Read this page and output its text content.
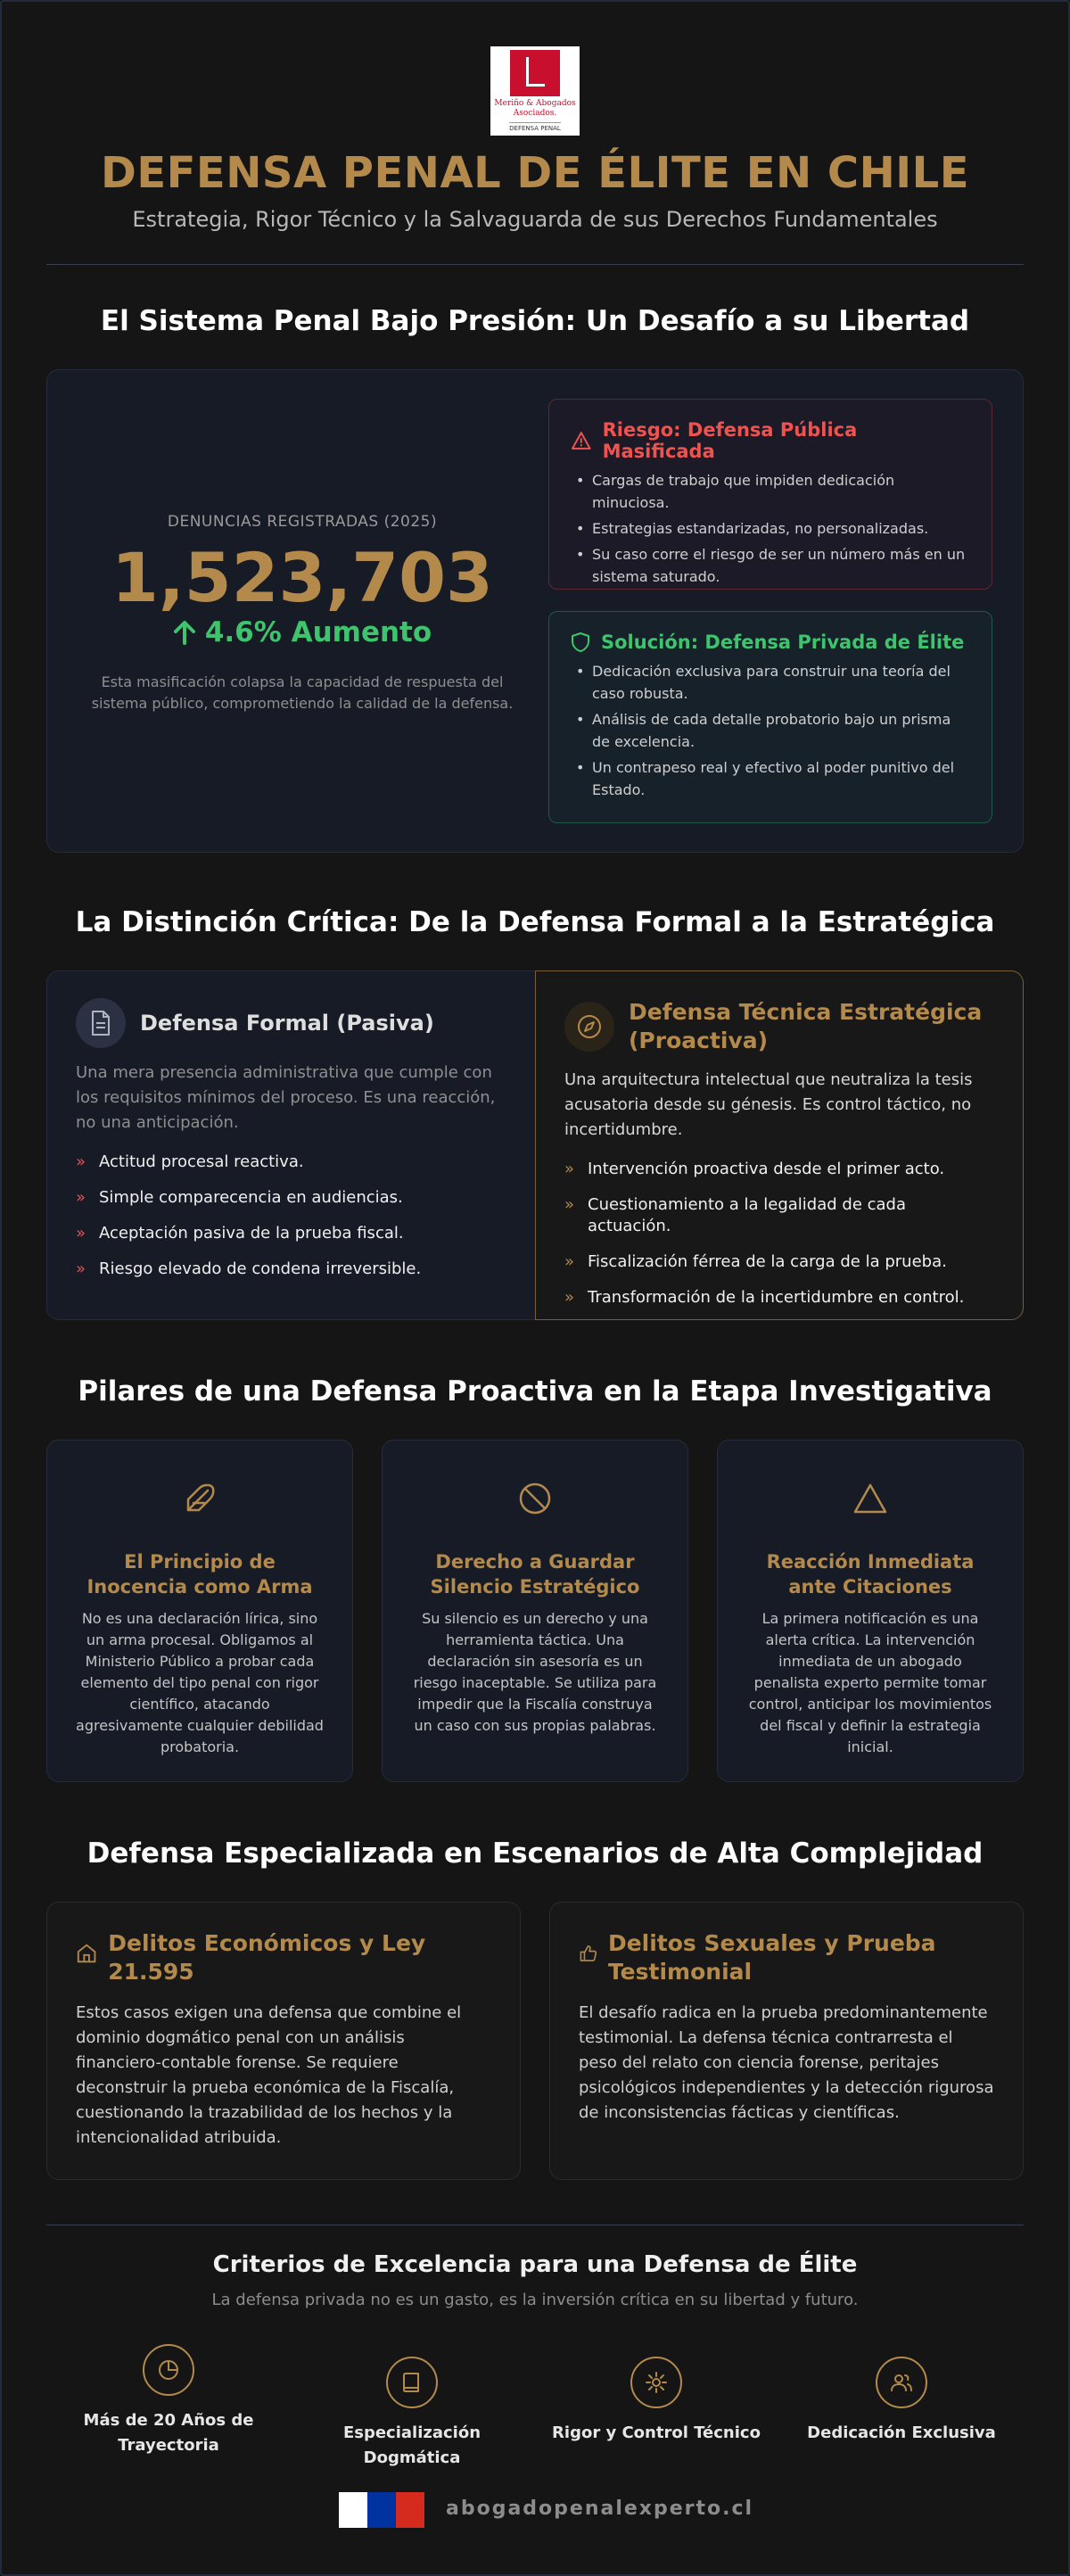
Meriño & Abogados
Asociados.
DEFENSA PENAL
DEFENSA PENAL DE ÉLITE EN CHILE
Estrategia, Rigor Técnico y la Salvaguarda de sus Derechos Fundamentales
El Sistema Penal Bajo Presión: Un Desafío a su Libertad
DENUNCIAS REGISTRADAS (2025)
1,523,703
4.6% Aumento
Esta masificación colapsa la capacidad de respuesta del sistema público, comprometiendo la calidad de la defensa.
Riesgo: Defensa Pública Masificada
• Cargas de trabajo que impiden dedicación minuciosa.
• Estrategias estandarizadas, no personalizadas.
• Su caso corre el riesgo de ser un número más en un sistema saturado.
Solución: Defensa Privada de Élite
• Dedicación exclusiva para construir una teoría del caso robusta.
• Análisis de cada detalle probatorio bajo un prisma de excelencia.
• Un contrapeso real y efectivo al poder punitivo del Estado.
La Distinción Crítica: De la Defensa Formal a la Estratégica
Defensa Formal (Pasiva)
Una mera presencia administrativa que cumple con los requisitos mínimos del proceso. Es una reacción, no una anticipación.
» Actitud procesal reactiva.
» Simple comparecencia en audiencias.
» Aceptación pasiva de la prueba fiscal.
» Riesgo elevado de condena irreversible.
Defensa Técnica Estratégica (Proactiva)
Una arquitectura intelectual que neutraliza la tesis acusatoria desde su génesis. Es control táctico, no incertidumbre.
» Intervención proactiva desde el primer acto.
» Cuestionamiento a la legalidad de cada actuación.
» Fiscalización férrea de la carga de la prueba.
» Transformación de la incertidumbre en control.
Pilares de una Defensa Proactiva en la Etapa Investigativa
El Principio de Inocencia como Arma

No es una declaración lírica, sino un arma procesal. Obligamos al Ministerio Público a probar cada elemento del tipo penal con rigor científico, atacando agresivamente cualquier debilidad probatoria.

Derecho a Guardar Silencio Estratégico

Su silencio es un derecho y una herramienta táctica. Una declaración sin asesoría es un riesgo inaceptable. Se utiliza para impedir que la Fiscalía construya un caso con sus propias palabras.

Reacción Inmediata ante Citaciones

La primera notificación es una alerta crítica. La intervención inmediata de un abogado penalista experto permite tomar control, anticipar los movimientos del fiscal y definir la estrategia inicial.

Defensa Especializada en Escenarios de Alta Complejidad
Delitos Económicos y Ley 21.595

Estos casos exigen una defensa que combine el dominio dogmático penal con un análisis financiero-contable forense. Se requiere deconstruir la prueba económica de la Fiscalía, cuestionando la trazabilidad de los hechos y la intencionalidad atribuida.

Delitos Sexuales y Prueba Testimonial

El desafío radica en la prueba predominantemente testimonial. La defensa técnica contrarresta el peso del relato con ciencia forense, peritajes psicológicos independientes y la detección rigurosa de inconsistencias fácticas y científicas.

Criterios de Excelencia para una Defensa de Élite
La defensa privada no es un gasto, es la inversión crítica en su libertad y futuro.
Más de 20 Años de Trayectoria
Especialización Dogmática
Rigor y Control Técnico	Dedicación Exclusiva
abogadopenalexperto.cl
